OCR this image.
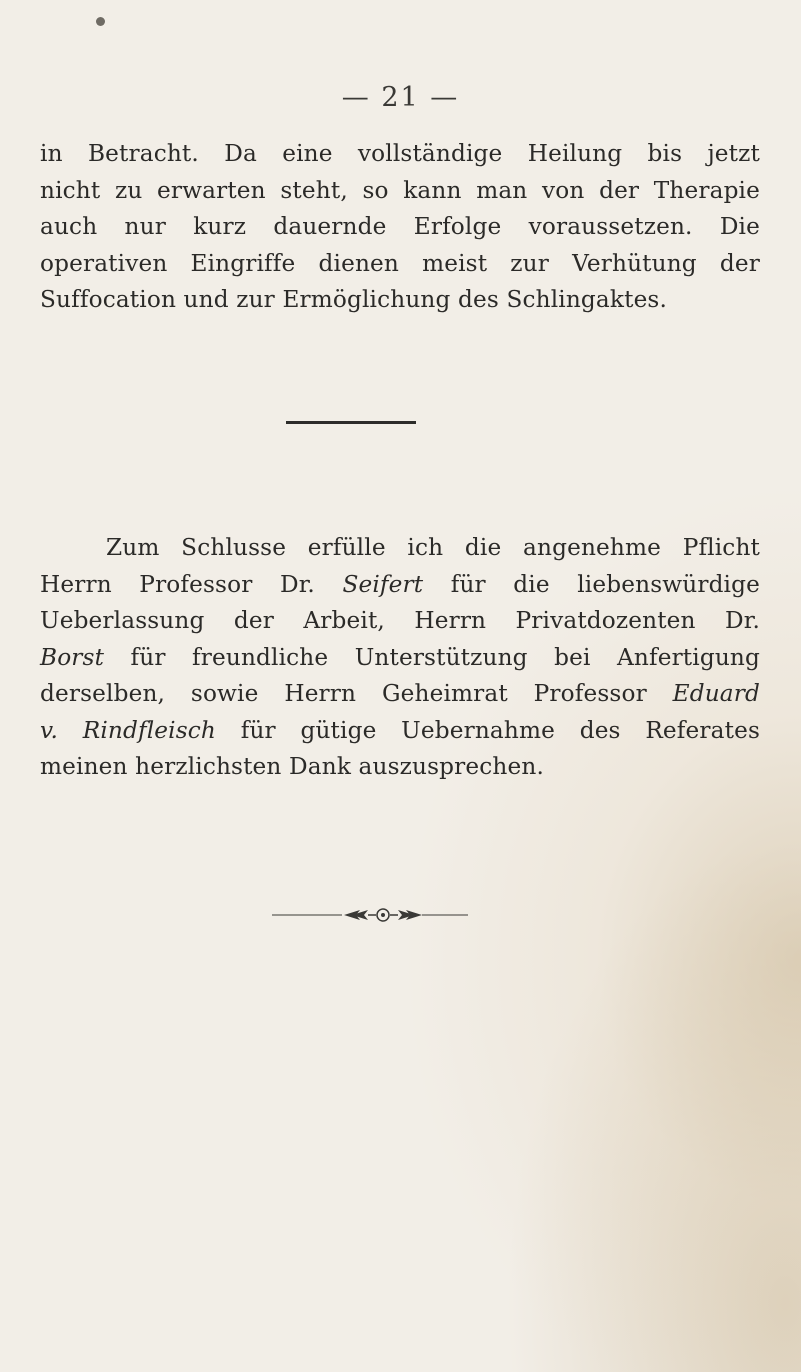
— 21 —

in Betracht. Da eine vollständige Heilung bis jetzt
nicht zu erwarten steht, so kann man von der Therapie
auch nur kurz dauernde Erfolge voraussetzen. Die
operativen Eingriffe dienen meist zur Verhütung der
Suffocation und zur Ermöglichung des Schlingaktes.

Zum Schlusse erfülle ich die angenehme Pflicht
Herrn Professor Dr. Seifert für die liebenswürdige
Ueberlassung der Arbeit, Herrn Privatdozenten Dr.
Borst für freundliche Unterstützung bei Anfertigung
derselben, sowie Herrn Geheimrat Professor Eduard
v. Rindfleisch für gütige Uebernahme des Referates
meinen herzlichsten Dank auszusprechen.
